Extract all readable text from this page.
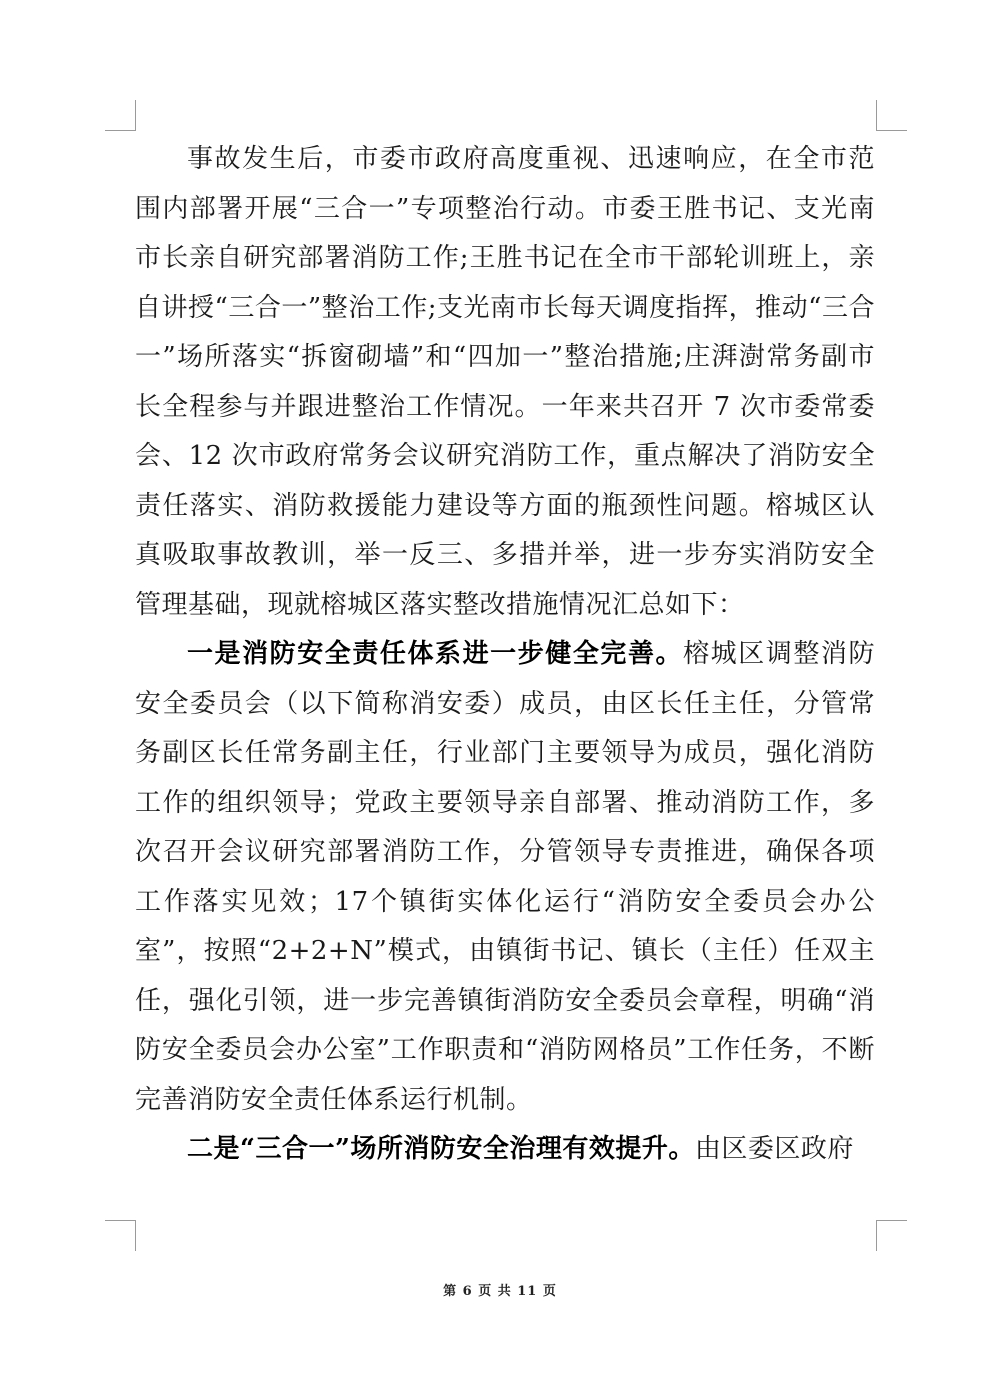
事故发生后，市委市政府高度重视、迅速响应，在全市范围内部署开展“三合一”专项整治行动。市委王胜书记、支光南市长亲自研究部署消防工作;王胜书记在全市干部轮训班上，亲自讲授“三合一”整治工作;支光南市长每天调度指挥，推动“三合一”场所落实“拆窗砌墙”和“四加一”整治措施;庄湃澍常务副市长全程参与并跟进整治工作情况。一年来共召开 7 次市委常委会、12 次市政府常务会议研究消防工作，重点解决了消防安全责任落实、消防救援能力建设等方面的瓶颈性问题。榕城区认真吸取事故教训，举一反三、多措并举，进一步夯实消防安全管理基础，现就榕城区落实整改措施情况汇总如下：

一是消防安全责任体系进一步健全完善。榕城区调整消防安全委员会（以下简称消安委）成员，由区长任主任，分管常务副区长任常务副主任，行业部门主要领导为成员，强化消防工作的组织领导；党政主要领导亲自部署、推动消防工作，多次召开会议研究部署消防工作，分管领导专责推进，确保各项工作落实见效；17个镇街实体化运行“消防安全委员会办公室”，按照“2+2+N”模式，由镇街书记、镇长（主任）任双主任，强化引领，进一步完善镇街消防安全委员会章程，明确“消防安全委员会办公室”工作职责和“消防网格员”工作任务，不断完善消防安全责任体系运行机制。

二是“三合一”场所消防安全治理有效提升。由区委区政府

第 6 页 共 11 页
